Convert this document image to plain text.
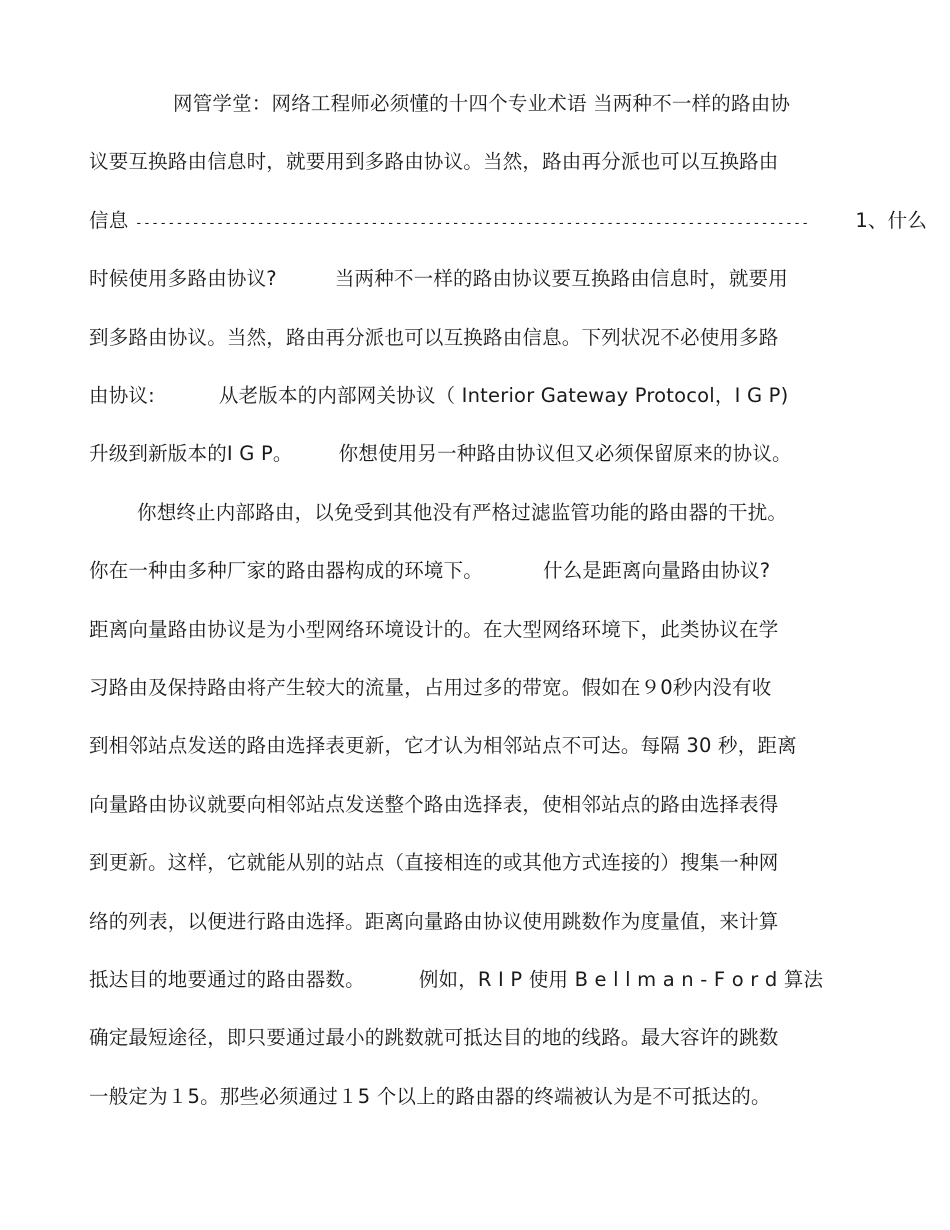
网管学堂：网络工程师必须懂的十四个专业术语 当两种不一样的路由协
议要互换路由信息时，就要用到多路由协议。当然，路由再分派也可以互换路由
信息 ----------------------------------------------------------------------------------- 1、什么
时候使用多路由协议?	当两种不一样的路由协议要互换路由信息时，就要用
到多路由协议。当然，路由再分派也可以互换路由信息。下列状况不必使用多路
由协议:	从老版本的内部网关协议（ Interior Gateway Protocol，I G P)
升级到新版本的I G P。 你想使用另一种路由协议但又必须保留原来的协议。
你想终止内部路由，以免受到其他没有严格过滤监管功能的路由器的干扰。
你在一种由多种厂家的路由器构成的环境下。	什么是距离向量路由协议?
距离向量路由协议是为小型网络环境设计的。在大型网络环境下，此类协议在学
习路由及保持路由将产生较大的流量，占用过多的带宽。假如在９0秒内没有收
到相邻站点发送的路由选择表更新，它才认为相邻站点不可达。每隔 30 秒，距离
向量路由协议就要向相邻站点发送整个路由选择表，使相邻站点的路由选择表得
到更新。这样，它就能从别的站点（直接相连的或其他方式连接的）搜集一种网
络的列表，以便进行路由选择。距离向量路由协议使用跳数作为度量值，来计算
抵达目的地要通过的路由器数。	例如，R I P 使用 B e l l m a n - F o r d 算法
确定最短途径，即只要通过最小的跳数就可抵达目的地的线路。最大容许的跳数
一般定为１5。那些必须通过１5 个以上的路由器的终端被认为是不可抵达的。
